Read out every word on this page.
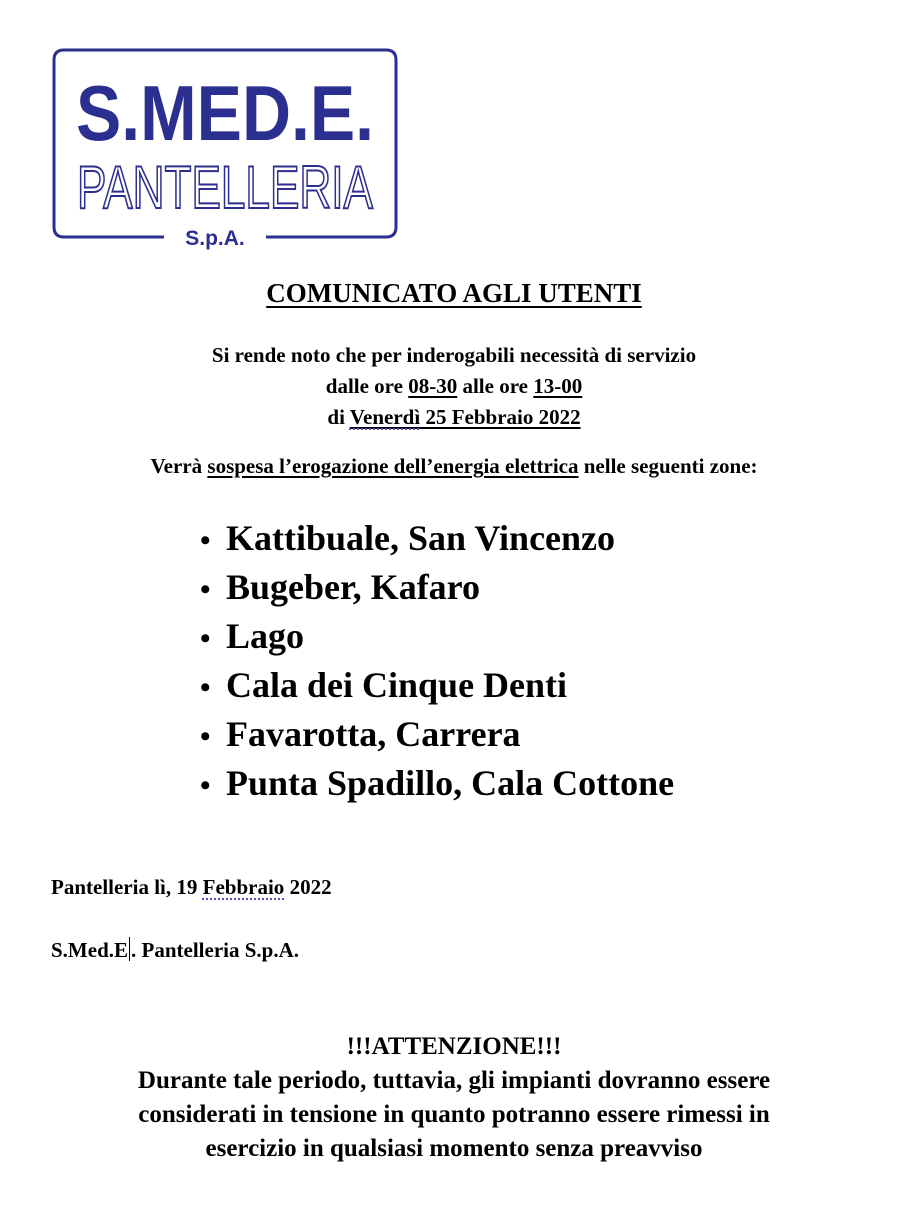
S.MED.E.
PANTELLERIA
S.p.A.
COMUNICATO AGLI UTENTI
Si rende noto che per inderogabili necessità di servizio
dalle ore 08-30 alle ore 13-00
di Venerdì 25 Febbraio 2022
Verrà sospesa l’erogazione dell’energia elettrica nelle seguenti zone:
• Kattibuale, San Vincenzo
• Bugeber, Kafaro
• Lago
• Cala dei Cinque Denti
• Favarotta, Carrera
• Punta Spadillo, Cala Cottone
Pantelleria lì, 19 Febbraio 2022
S.Med.E . Pantelleria S.p.A.
!!!ATTENZIONE!!!
Durante tale periodo, tuttavia, gli impianti dovranno essere
considerati in tensione in quanto potranno essere rimessi in
esercizio in qualsiasi momento senza preavviso
